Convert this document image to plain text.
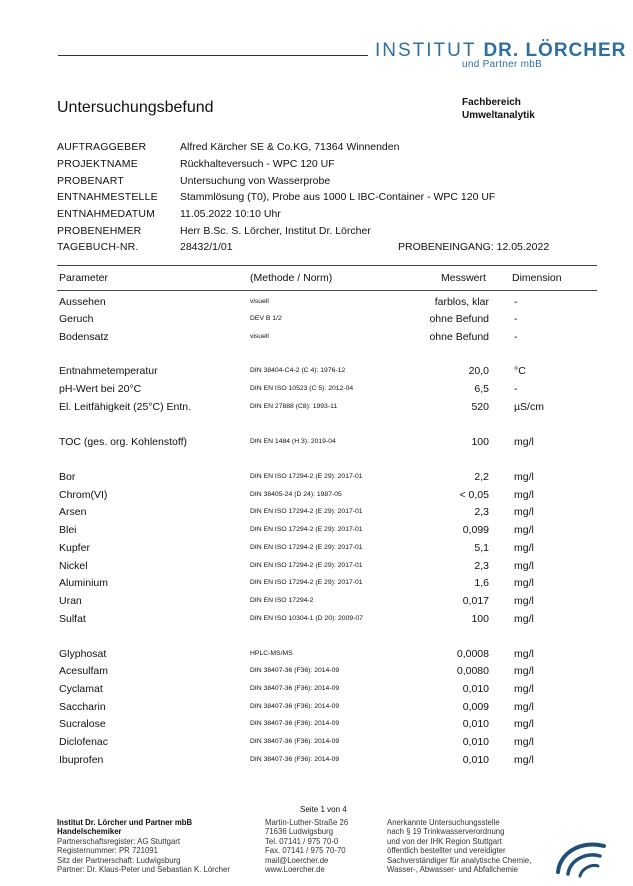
INSTITUT DR. LÖRCHER
und Partner mbB
Untersuchungsbefund	Fachbereich
Umweltanalytik
AUFTRAGGEBER	Alfred Kärcher SE & Co.KG, 71364 Winnenden
PROJEKTNAME	Rückhalteversuch - WPC 120 UF
PROBENART	Untersuchung von Wasserprobe
ENTNAHMESTELLE	Stammlösung (T0), Probe aus 1000 L IBC-Container - WPC 120 UF
ENTNAHMEDATUM	11.05.2022 10:10 Uhr
PROBENEHMER	Herr B.Sc. S. Lörcher, Institut Dr. Lörcher
TAGEBUCH-NR.	28432/1/01	PROBENEINGANG: 12.05.2022
Parameter	(Methode / Norm)	Messwert Dimension
Aussehen	visuell	farblos, klar -
Geruch	DEV B 1/2	ohne Befund -
Bodensatz	visuell	ohne Befund -
Entnahmetemperatur	DIN 38404-C4-2 (C 4): 1976-12	20,0 °C
pH-Wert bei 20°C	DIN EN ISO 10523 (C 5): 2012-04	6,5 -
El. Leitfähigkeit (25°C) Entn.	DIN EN 27888 (C8): 1993-11	520 µS/cm
TOC (ges. org. Kohlenstoff)	DIN EN 1484 (H 3): 2019-04	100 mg/l
Bor	DIN EN ISO 17294-2 (E 29): 2017-01	2,2 mg/l
Chrom(VI)	DIN 38405-24 (D 24): 1987-05	< 0,05 mg/l
Arsen	DIN EN ISO 17294-2 (E 29): 2017-01	2,3 mg/l
Blei	DIN EN ISO 17294-2 (E 29): 2017-01	0,099 mg/l
Kupfer	DIN EN ISO 17294-2 (E 29): 2017-01	5,1 mg/l
Nickel	DIN EN ISO 17294-2 (E 29): 2017-01	2,3 mg/l
Aluminium	DIN EN ISO 17294-2 (E 29): 2017-01	1,6 mg/l
Uran	DIN EN ISO 17294-2	0,017 mg/l
Sulfat	DIN EN ISO 10304-1 (D 20): 2009-07	100 mg/l
Glyphosat	HPLC-MS/MS	0,0008 mg/l
Acesulfam	DIN 38407-36 (F36): 2014-09	0,0080 mg/l
Cyclamat	DIN 38407-36 (F36): 2014-09	0,010 mg/l
Saccharin	DIN 38407-36 (F36): 2014-09	0,009 mg/l
Sucralose	DIN 38407-36 (F36): 2014-09	0,010 mg/l
Diclofenac	DIN 38407-36 (F36): 2014-09	0,010 mg/l
Ibuprofen	DIN 38407-36 (F36): 2014-09	0,010 mg/l
Seite 1 von 4
Institut Dr. Lörcher und Partner mbB
Handelschemiker
Partnerschaftsregister: AG Stuttgart
Registernummer: PR 721091
Sitz der Partnerschaft: Ludwigsburg
Partner: Dr. Klaus-Peter und Sebastian K. Lörcher
Martin-Luther-Straße 26
71636 Ludwigsburg
Tel. 07141 / 975 70-0
Fax. 07141 / 975 70-70
mail@Loercher.de
www.Loercher.de
Anerkannte Untersuchungsstelle
nach § 19 Trinkwasserverordnung
und von der IHK Region Stuttgart
öffentlich bestellter und vereidigter
Sachverständiger für analytische Chemie,
Wasser-, Abwasser- und Abfallchemie
